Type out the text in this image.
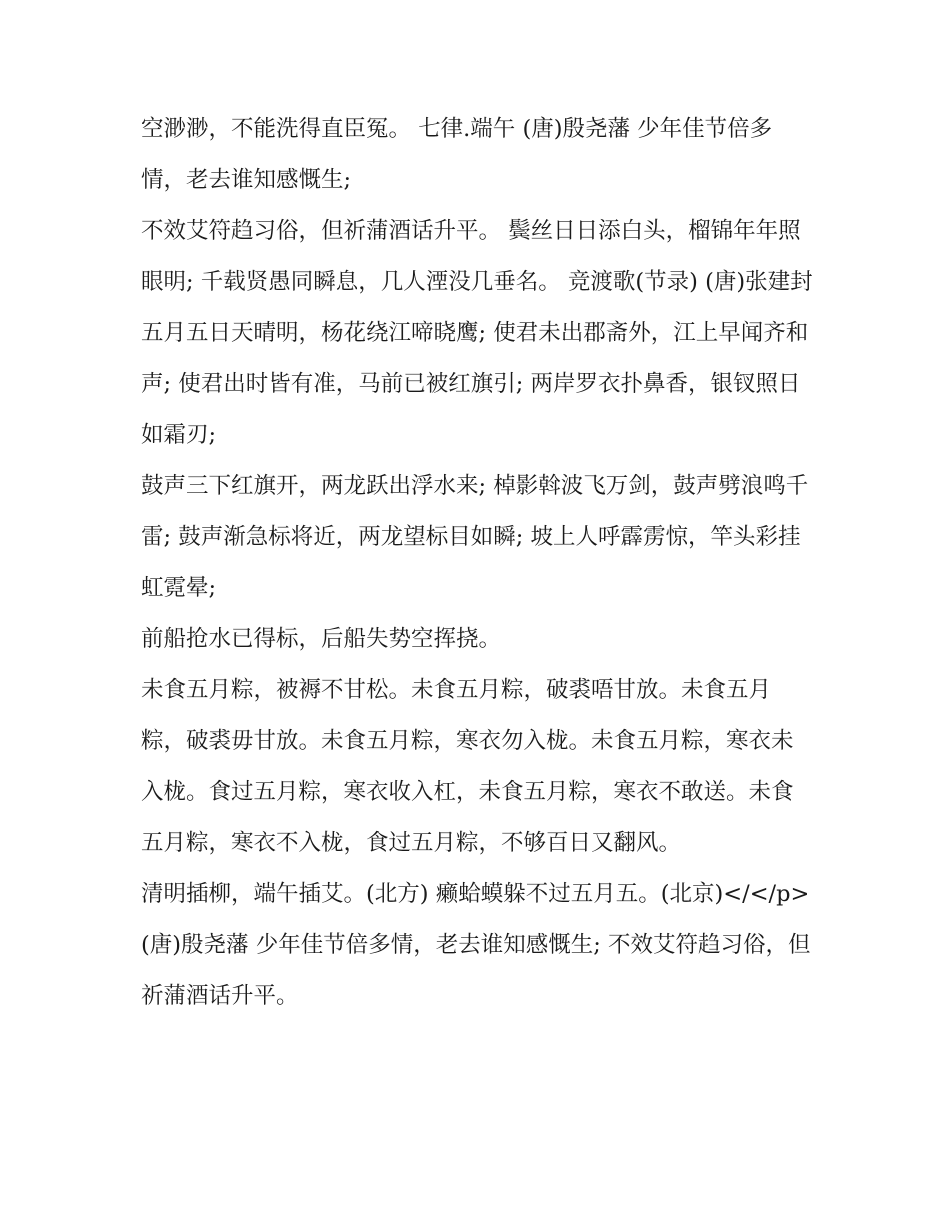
空渺渺，不能洗得直臣冤。 七律.端午 (唐)殷尧藩 少年佳节倍多情，老去谁知感慨生;

不效艾符趋习俗，但祈蒲酒话升平。 鬓丝日日添白头，榴锦年年照眼明; 千载贤愚同瞬息，几人湮没几垂名。 竞渡歌(节录) (唐)张建封

五月五日天晴明，杨花绕江啼晓鹰; 使君未出郡斋外，江上早闻齐和声; 使君出时皆有准，马前已被红旗引; 两岸罗衣扑鼻香，银钗照日如霜刃;

鼓声三下红旗开，两龙跃出浮水来; 棹影斡波飞万剑，鼓声劈浪鸣千雷; 鼓声渐急标将近，两龙望标目如瞬; 坡上人呼霹雳惊，竿头彩挂虹霓晕;

前船抢水已得标，后船失势空挥挠。

未食五月粽，被褥不甘松。未食五月粽，破裘唔甘放。未食五月粽，破裘毋甘放。未食五月粽，寒衣勿入栊。未食五月粽，寒衣未入栊。食过五月粽，寒衣收入杠，未食五月粽，寒衣不敢送。未食五月粽，寒衣不入栊，食过五月粽，不够百日又翻风。

清明插柳，端午插艾。(北方) 癞蛤蟆躲不过五月五。(北京)</</p> (唐)殷尧藩 少年佳节倍多情，老去谁知感慨生; 不效艾符趋习俗，但祈蒲酒话升平。
